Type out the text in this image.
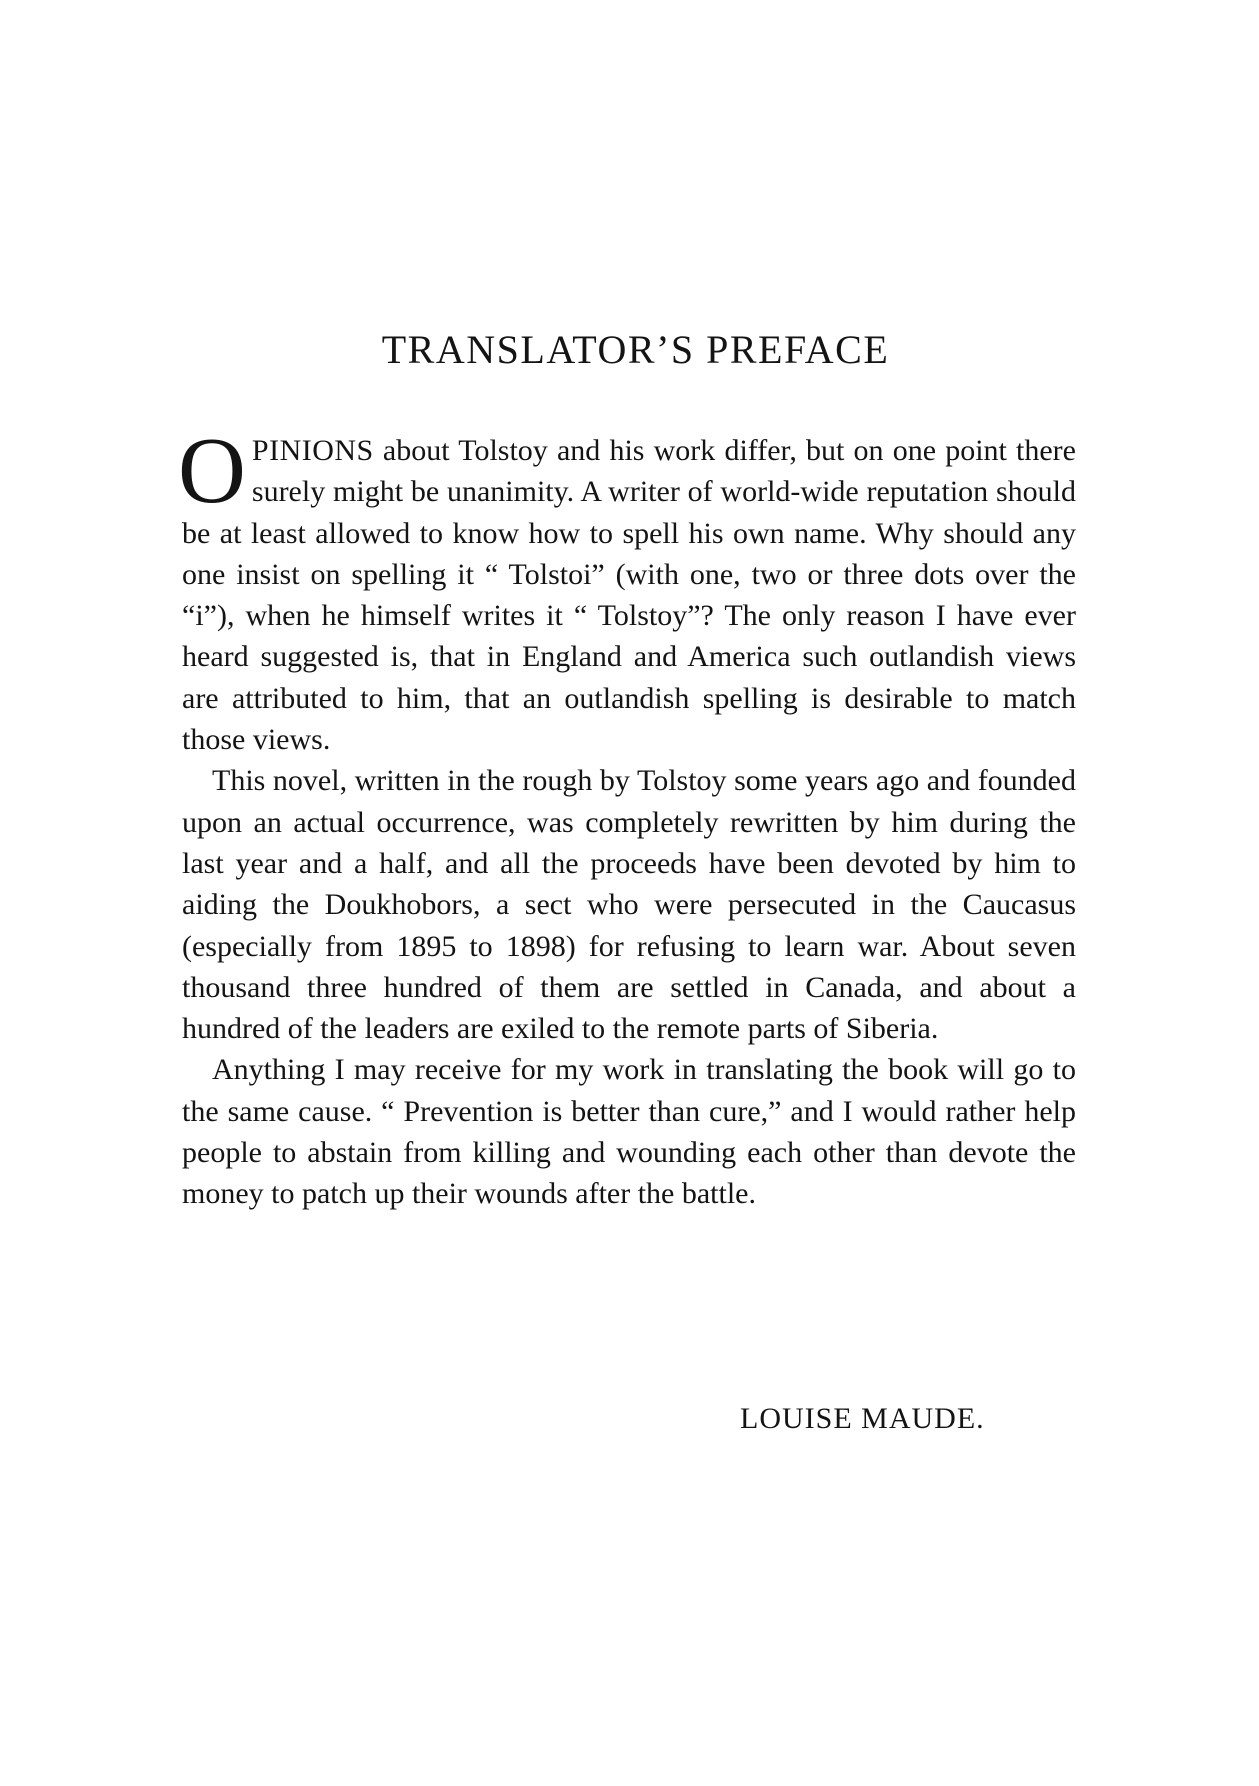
TRANSLATOR’S PREFACE

OPINIONS about Tolstoy and his work differ, but on one point there surely might be unanimity. A writer of world-wide reputation should be at least allowed to know how to spell his own name. Why should any one insist on spelling it “ Tolstoi” (with one, two or three dots over the “i”), when he himself writes it “ Tolstoy”? The only reason I have ever heard suggested is, that in England and America such outlandish views are attributed to him, that an outlandish spelling is desirable to match those views.

This novel, written in the rough by Tolstoy some years ago and founded upon an actual occurrence, was completely rewritten by him during the last year and a half, and all the proceeds have been devoted by him to aiding the Doukhobors, a sect who were persecuted in the Caucasus (especially from 1895 to 1898) for refusing to learn war. About seven thousand three hundred of them are settled in Canada, and about a hundred of the leaders are exiled to the remote parts of Siberia.

Anything I may receive for my work in translating the book will go to the same cause. “ Prevention is better than cure,” and I would rather help people to abstain from killing and wounding each other than devote the money to patch up their wounds after the battle.

LOUISE MAUDE.
